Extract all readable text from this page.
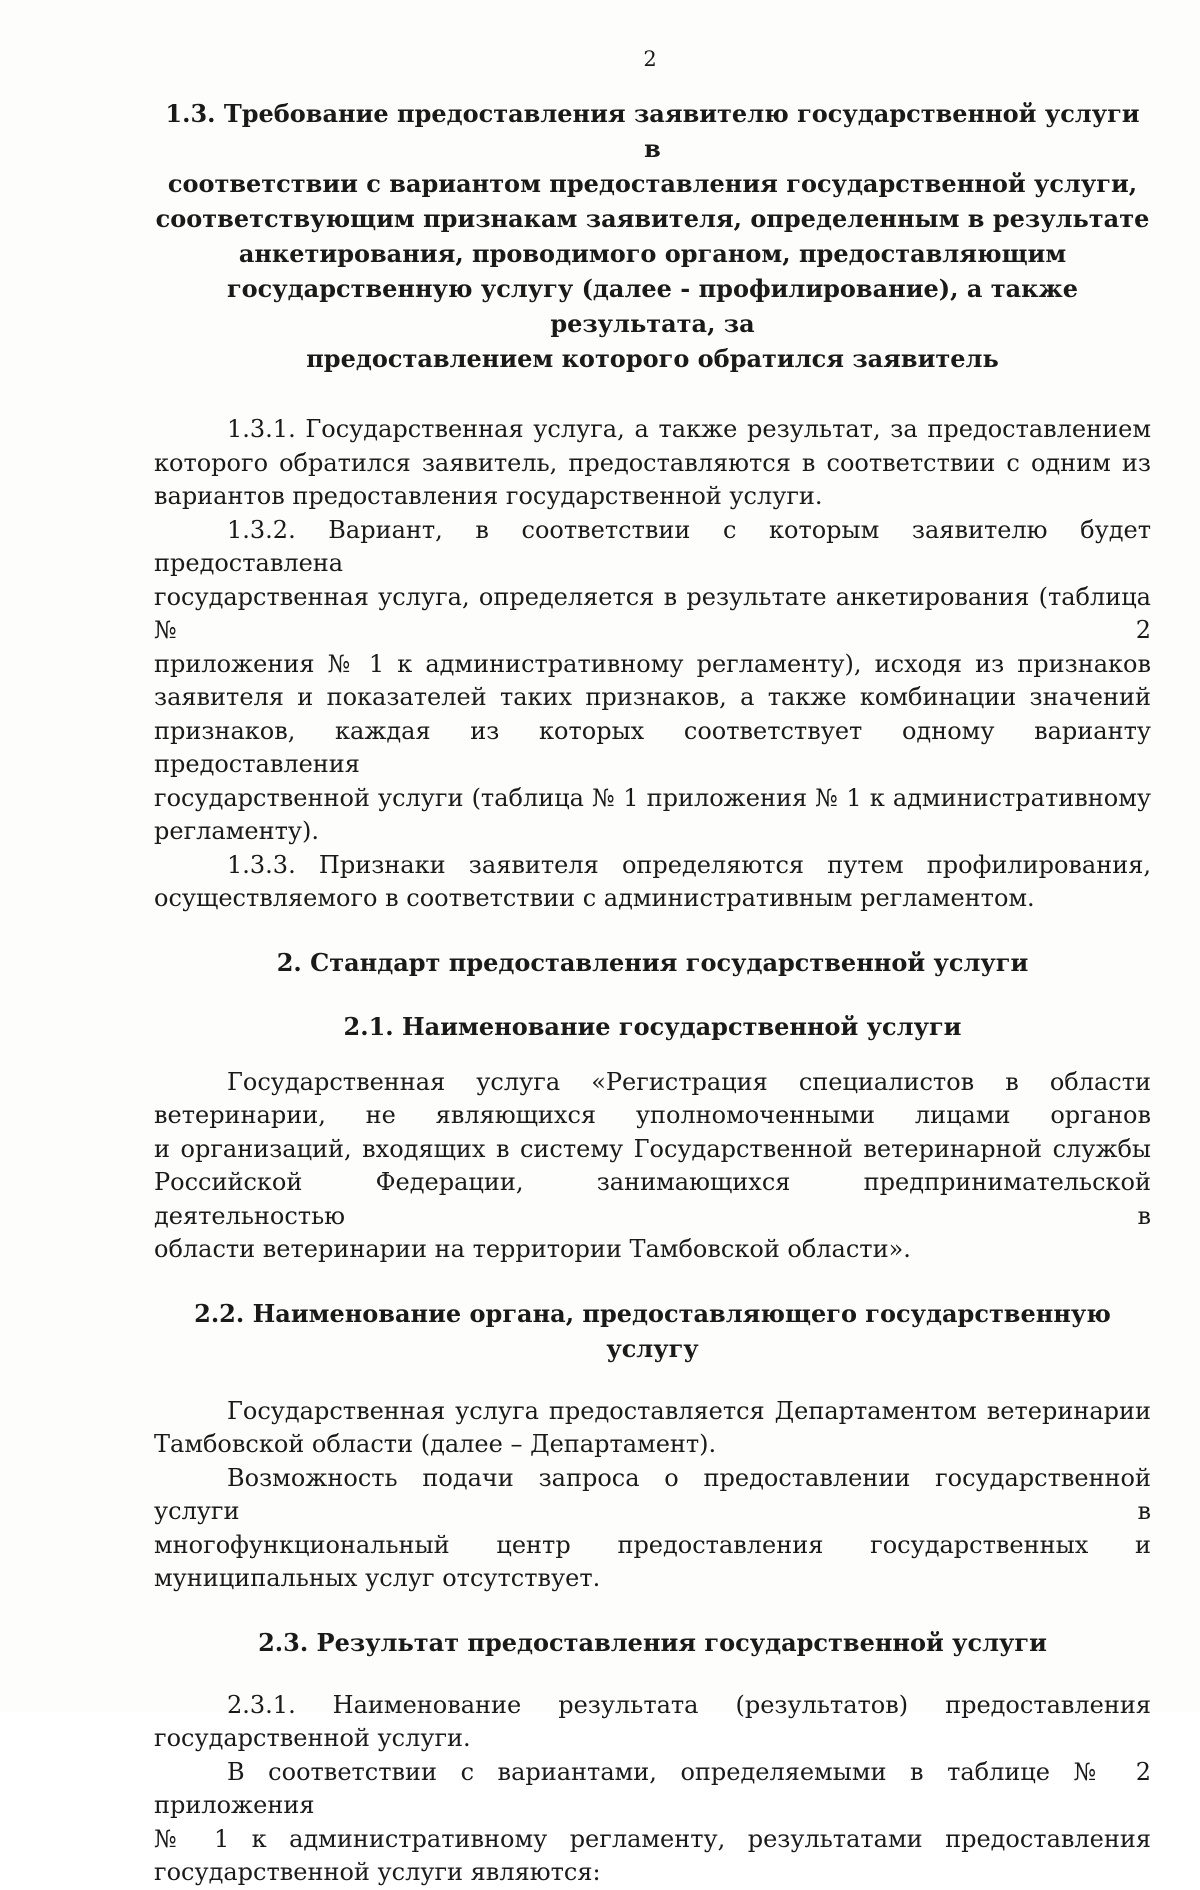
2
1.3. Требование предоставления заявителю государственной услуги в
соответствии с вариантом предоставления государственной услуги,
соответствующим признакам заявителя, определенным в результате
анкетирования, проводимого органом, предоставляющим
государственную услугу (далее - профилирование), а также результата, за
предоставлением которого обратился заявитель
1.3.1. Государственная услуга, а также результат, за предоставлением
которого обратился заявитель, предоставляются в соответствии с одним из
вариантов предоставления государственной услуги.
1.3.2. Вариант, в соответствии с которым заявителю будет предоставлена
государственная услуга, определяется в результате анкетирования (таблица № 2
приложения № 1 к административному регламенту), исходя из признаков
заявителя и показателей таких признаков, а также комбинации значений
признаков, каждая из которых соответствует одному варианту предоставления
государственной услуги (таблица № 1 приложения № 1 к административному
регламенту).
1.3.3. Признаки заявителя определяются путем профилирования,
осуществляемого в соответствии с административным регламентом.
2. Стандарт предоставления государственной услуги
2.1. Наименование государственной услуги
Государственная услуга «Регистрация специалистов в области
ветеринарии, не являющихся уполномоченными лицами органов
и организаций, входящих в систему Государственной ветеринарной службы
Российской Федерации, занимающихся предпринимательской деятельностью в
области ветеринарии на территории Тамбовской области».
2.2. Наименование органа, предоставляющего государственную
услугу
Государственная услуга предоставляется Департаментом ветеринарии
Тамбовской области (далее – Департамент).
Возможность подачи запроса о предоставлении государственной услуги в
многофункциональный центр предоставления государственных и
муниципальных услуг отсутствует.
2.3. Результат предоставления государственной услуги
2.3.1. Наименование результата (результатов) предоставления
государственной услуги.
В соответствии с вариантами, определяемыми в таблице № 2 приложения
№ 1 к административному регламенту, результатами предоставления
государственной услуги являются:
